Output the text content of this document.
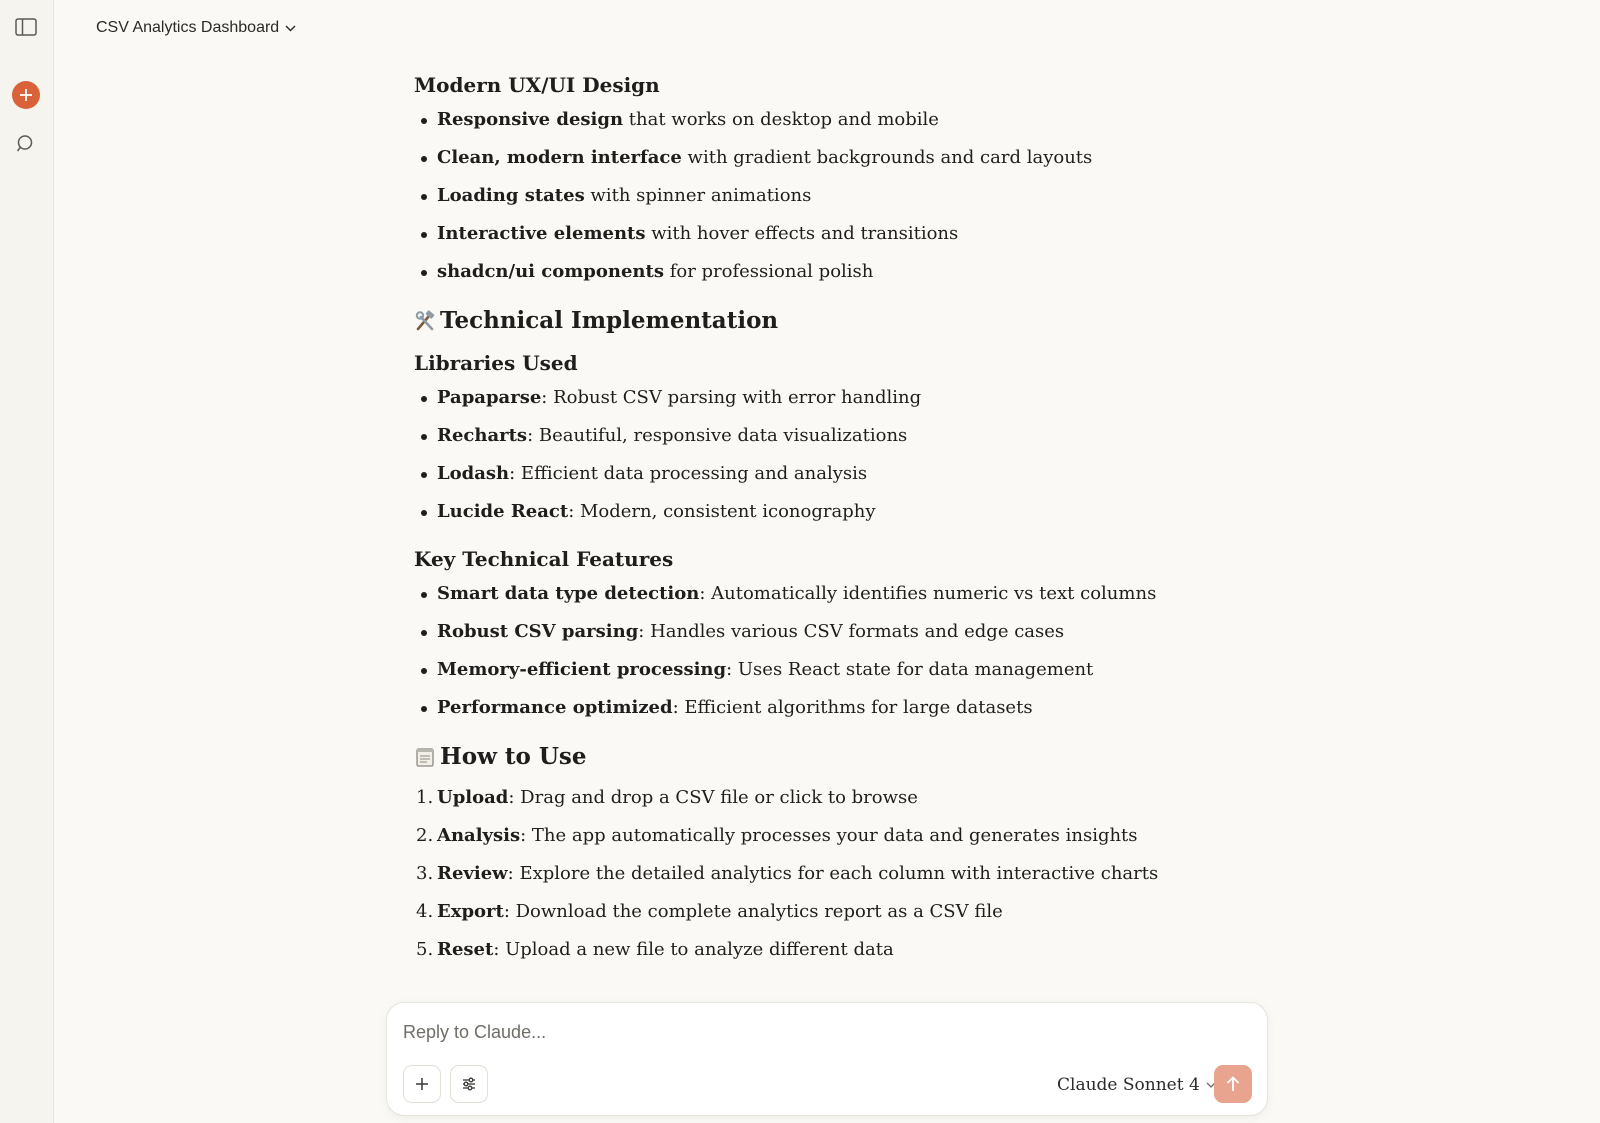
CSV Analytics Dashboard
Modern UX/UI Design
Responsive design that works on desktop and mobile
Clean, modern interface with gradient backgrounds and card layouts
Loading states with spinner animations
Interactive elements with hover effects and transitions
shadcn/ui components for professional polish
Technical Implementation
Libraries Used
Papaparse: Robust CSV parsing with error handling
Recharts: Beautiful, responsive data visualizations
Lodash: Efficient data processing and analysis
Lucide React: Modern, consistent iconography
Key Technical Features
Smart data type detection: Automatically identifies numeric vs text columns
Robust CSV parsing: Handles various CSV formats and edge cases
Memory-efficient processing: Uses React state for data management
Performance optimized: Efficient algorithms for large datasets
How to Use
1. Upload: Drag and drop a CSV file or click to browse
2. Analysis: The app automatically processes your data and generates insights
3. Review: Explore the detailed analytics for each column with interactive charts
4. Export: Download the complete analytics report as a CSV file
5. Reset: Upload a new file to analyze different data
Reply to Claude...
Claude Sonnet 4
